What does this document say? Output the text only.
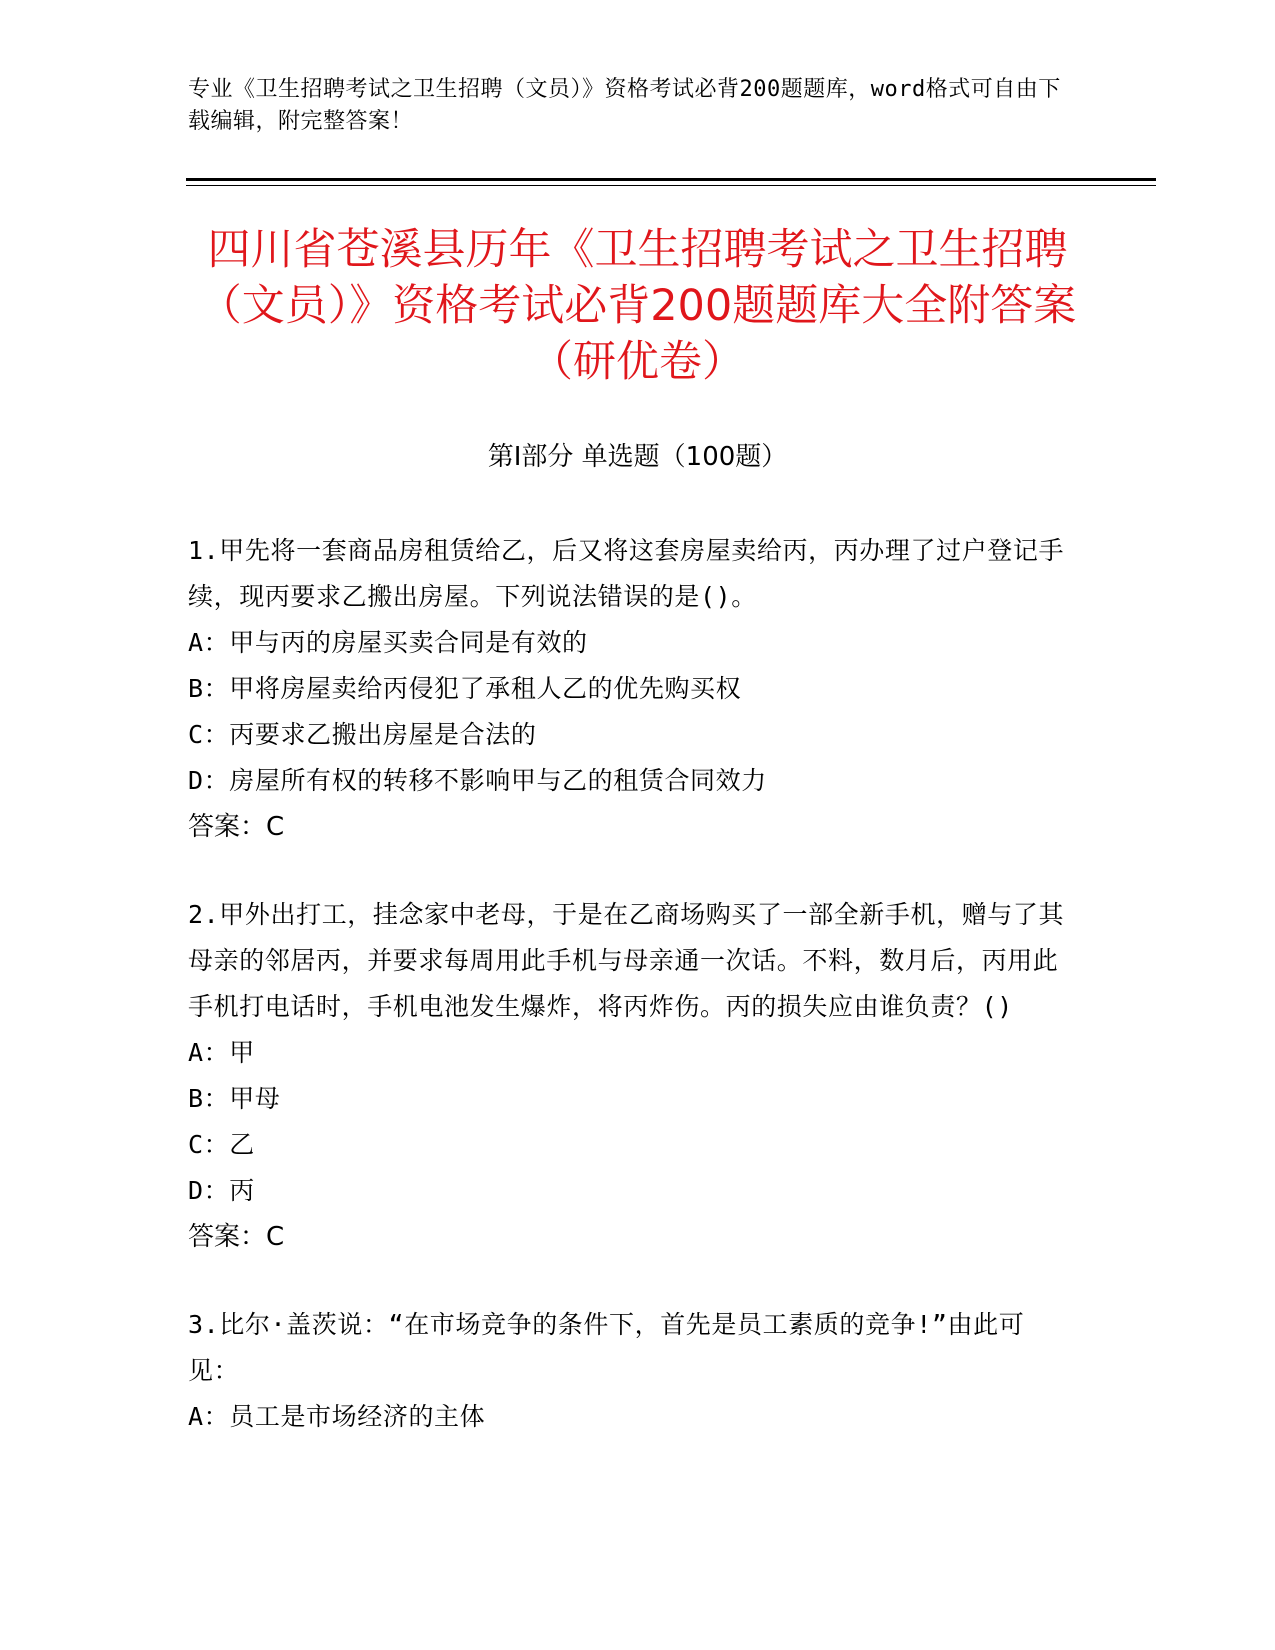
专业《卫生招聘考试之卫生招聘（文员）》资格考试必背200题题库，word格式可自由下载编辑，附完整答案！
四川省苍溪县历年《卫生招聘考试之卫生招聘（文员）》资格考试必背200题题库大全附答案（研优卷）
第Ⅰ部分 单选题（100题）

1.甲先将一套商品房租赁给乙，后又将这套房屋卖给丙，丙办理了过户登记手续，现丙要求乙搬出房屋。下列说法错误的是()。

A：甲与丙的房屋买卖合同是有效的

B：甲将房屋卖给丙侵犯了承租人乙的优先购买权

C：丙要求乙搬出房屋是合法的

D：房屋所有权的转移不影响甲与乙的租赁合同效力

答案：C

2.甲外出打工，挂念家中老母，于是在乙商场购买了一部全新手机，赠与了其母亲的邻居丙，并要求每周用此手机与母亲通一次话。不料，数月后，丙用此手机打电话时，手机电池发生爆炸，将丙炸伤。丙的损失应由谁负责？()

A：甲

B：甲母

C：乙

D：丙

答案：C

3.比尔·盖茨说：“在市场竞争的条件下，首先是员工素质的竞争!”由此可见：

A：员工是市场经济的主体
